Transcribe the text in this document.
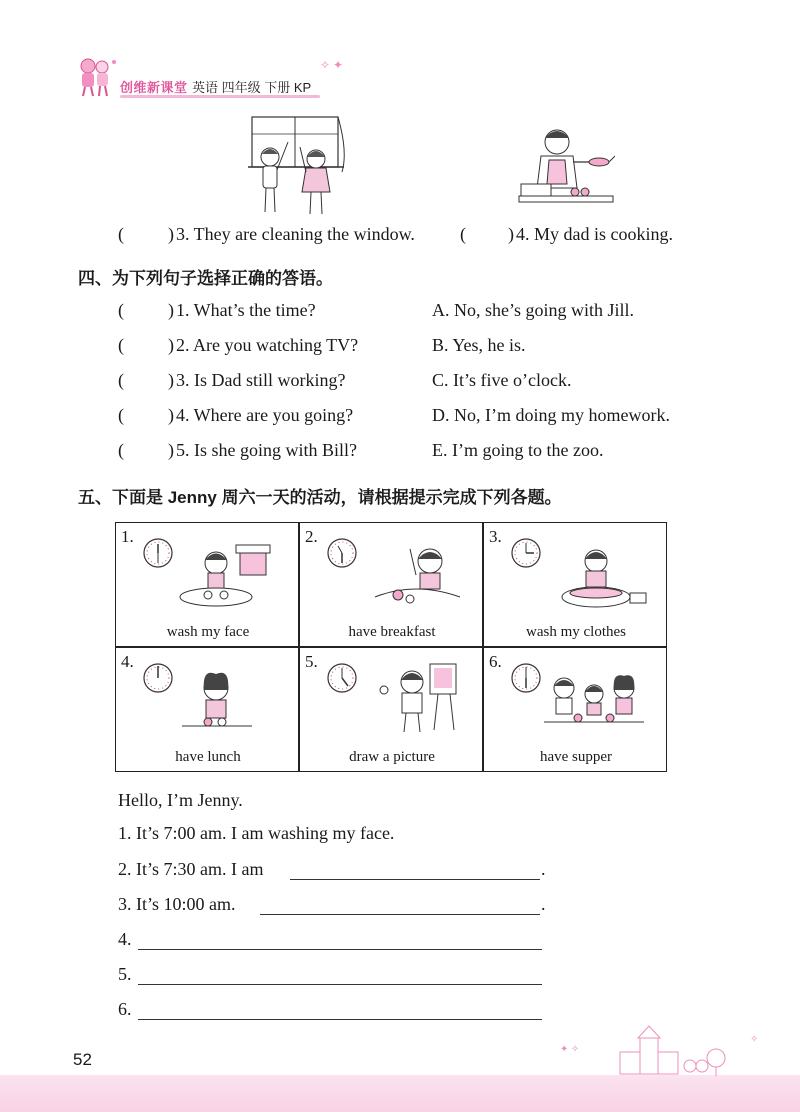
创维新课堂 英语 四年级 下册 KP
✧ ✦
( ) 3. They are cleaning the window.	( ) 4. My dad is cooking.
四、为下列句子选择正确的答语。
( ) 1. What’s the time?	A. No, she’s going with Jill.
( ) 2. Are you watching TV?	B. Yes, he is.
( ) 3. Is Dad still working?	C. It’s five o’clock.
( ) 4. Where are you going?	D. No, I’m doing my homework.
( ) 5. Is she going with Bill?	E. I’m going to the zoo.
五、下面是 Jenny 周六一天的活动，请根据提示完成下列各题。
1.
wash my face
2.
have breakfast
3.
wash my clothes
4.
have lunch
5.
draw a picture
6.
have supper
Hello, I’m Jenny.
1. It’s 7:00 am. I am washing my face.
2. It’s 7:30 am. I am	.
3. It’s 10:00 am.	.
4.
5.
6.
52
✦ ✧
✧
